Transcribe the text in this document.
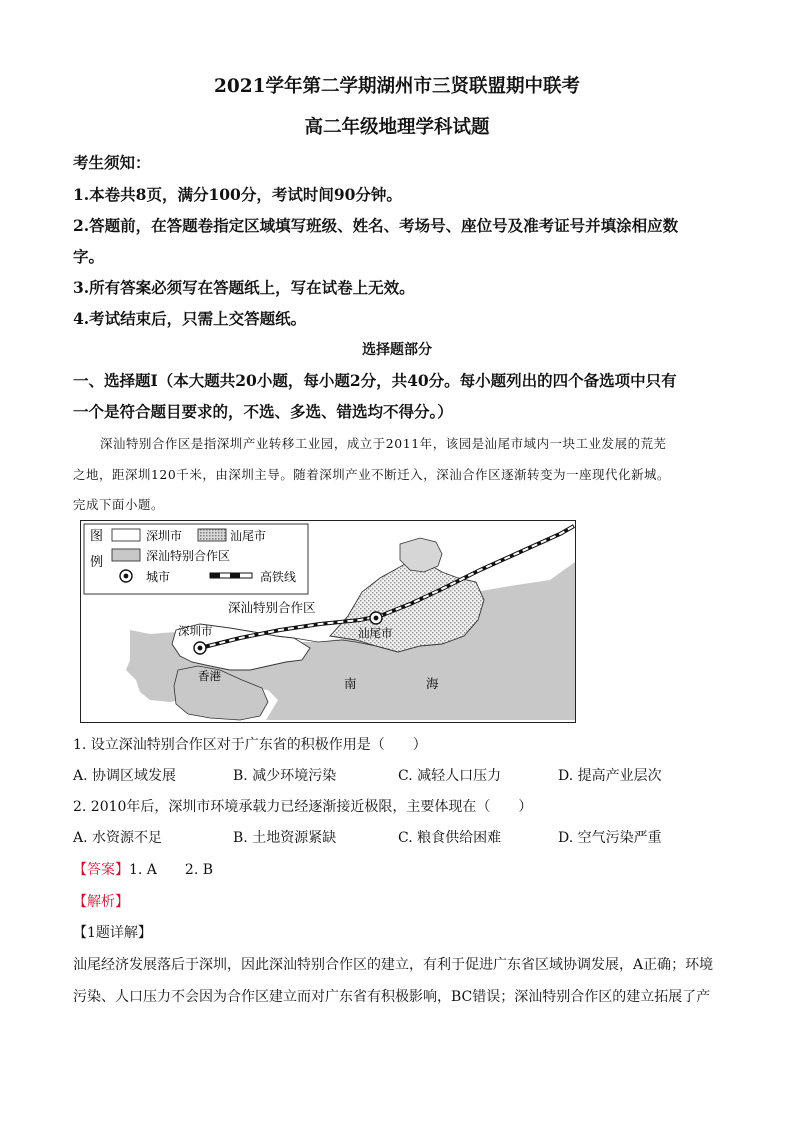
2021学年第二学期湖州市三贤联盟期中联考
高二年级地理学科试题
考生须知：
1.本卷共8页，满分100分，考试时间90分钟。
2.答题前，在答题卷指定区域填写班级、姓名、考场号、座位号及准考证号并填涂相应数
字。
3.所有答案必须写在答题纸上，写在试卷上无效。
4.考试结束后，只需上交答题纸。
选择题部分
一、选择题Ⅰ（本大题共20小题，每小题2分，共40分。每小题列出的四个备选项中只有
一个是符合题目要求的，不选、多选、错选均不得分。）
深汕特别合作区是指深圳产业转移工业园，成立于2011年，该园是汕尾市域内一块工业发展的荒芜
之地，距深圳120千米，由深圳主导。随着深圳产业不断迁入，深汕合作区逐渐转变为一座现代化新城。
完成下面小题。
图
例
深圳市	汕尾市
深汕特别合作区
城市	高铁线
深汕特别合作区
深圳市	汕尾市
香港	南	海
1. 设立深汕特别合作区对于广东省的积极作用是（　　）
A. 协调区域发展	B. 减少环境污染	C. 减轻人口压力	D. 提高产业层次
2. 2010年后，深圳市环境承载力已经逐渐接近极限，主要体现在（　　）
A. 水资源不足	B. 土地资源紧缺	C. 粮食供给困难	D. 空气污染严重
【答案】1. A　　2. B
【解析】
【1题详解】
汕尾经济发展落后于深圳，因此深汕特别合作区的建立，有利于促进广东省区域协调发展，A正确；环境
污染、人口压力不会因为合作区建立而对广东省有积极影响，BC错误；深汕特别合作区的建立拓展了产
